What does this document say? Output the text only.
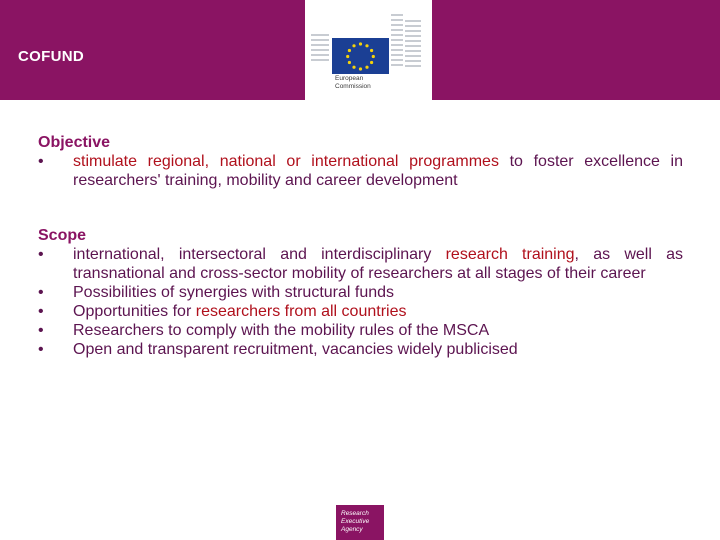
COFUND
European
Commission
Objective
• stimulate regional, national or international programmes to foster excellence in researchers' training, mobility and career development
Scope
• international, intersectoral and interdisciplinary research training, as well as transnational and cross-sector mobility of researchers at all stages of their career
• Possibilities of synergies with structural funds
• Opportunities for researchers from all countries
• Researchers to comply with the mobility rules of the MSCA
• Open and transparent recruitment, vacancies widely publicised
Research
Executive
Agency
